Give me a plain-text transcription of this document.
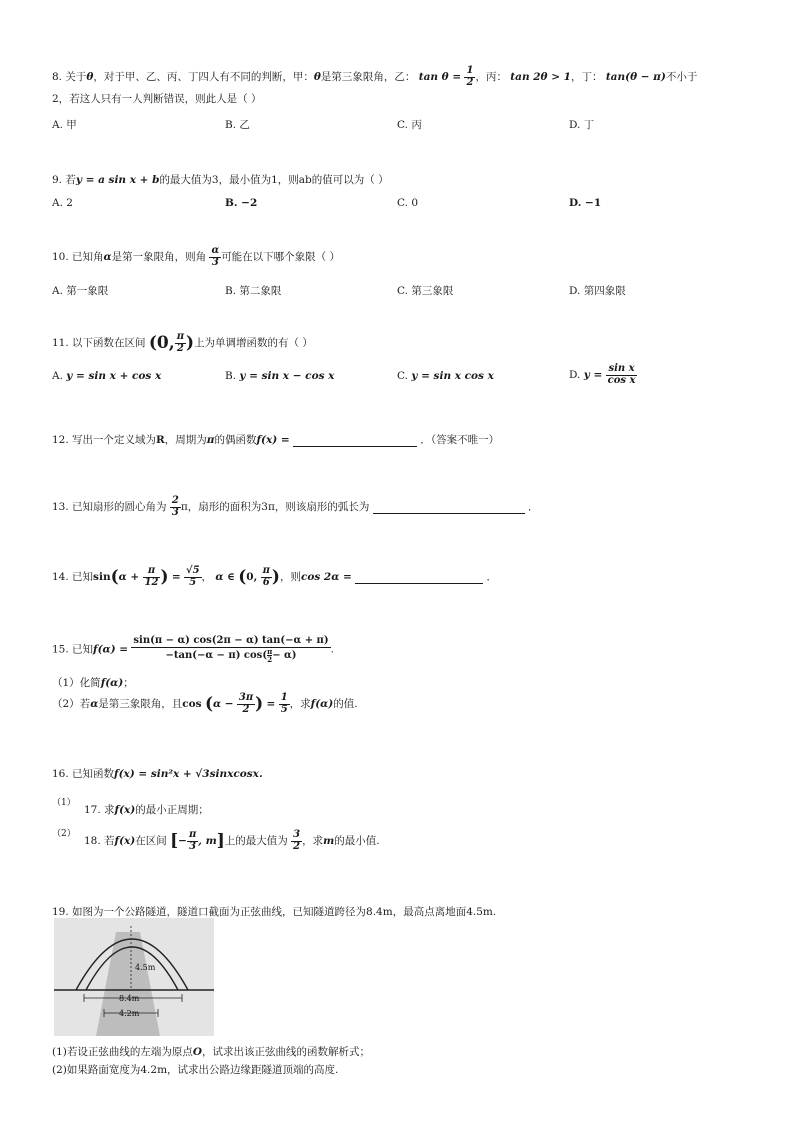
8. 关于θ，对于甲、乙、丙、丁四人有不同的判断，甲：θ是第三象限角，乙： $\tan \theta = \frac{1}{2}$ ，丙： tan 2θ > 1，丁： tan(θ − π)不小于
2，若这人只有一人判断错误，则此人是（ ）
A. 甲	B. 乙	C. 丙	D. 丁
9. 若y = a sin x + b的最大值为3，最小值为1，则ab的值可以为（ ）
A. 2	B. −2	C. 0	D. −1
10. 已知角α是第一象限角，则角 $\frac{\alpha}{3}$ 可能在以下哪个象限（ ）
A. 第一象限	B. 第二象限	C. 第三象限	D. 第四象限
11. 以下函数在区间 (0, $\frac{\pi}{2}$ )上为单调增函数的有（ ）
A. y = sin x + cos x	B. y = sin x − cos x	C. y = sin x cos x	D. $y = \frac{\text{sin x}}{\text{cos x}}$
12. 写出一个定义域为R，周期为π的偶函数f(x) =	．（答案不唯一）
13. 已知扇形的圆心角为 $\frac{2}{3}$ π，扇形的面积为3π，则该扇形的弧长为	．
14. 已知$\sin(\alpha + \frac{\pi}{12}$ ) = $\frac{√5}{5}$ ， α ∈ (0, $\frac{\pi}{6}$ )，则cos 2α =	．
15. 已知$f(\alpha) = \frac{\sin(\pi - \alpha) \cos(2\pi - \alpha) \tan(-\alpha + \pi)}{-\tan(-\alpha - \pi) \cos( \frac{\pi}{2} - \alpha)}$ .
（1）化简f(α)；
（2）若α是第三象限角，且$\cos (\alpha - \frac{3\pi}{2}$ ) = $\frac{1}{5}$ ，求f(α)的值.
16. 已知函数f(x) = sin²x + √3sinxcosx.
（1）
17. 求f(x)的最小正周期；
（2）
18. 若f(x)在区间 [− $\frac{\pi}{3}$ , m]上的最大值为 $\frac{3}{2}$ ，求m的最小值.
19. 如图为一个公路隧道，隧道口截面为正弦曲线，已知隧道跨径为8.4m，最高点离地面4.5m.
4.5m
8.4m
4.2m
(1)若设正弦曲线的左端为原点O，试求出该正弦曲线的函数解析式；
(2)如果路面宽度为4.2m，试求出公路边缘距隧道顶端的高度.
